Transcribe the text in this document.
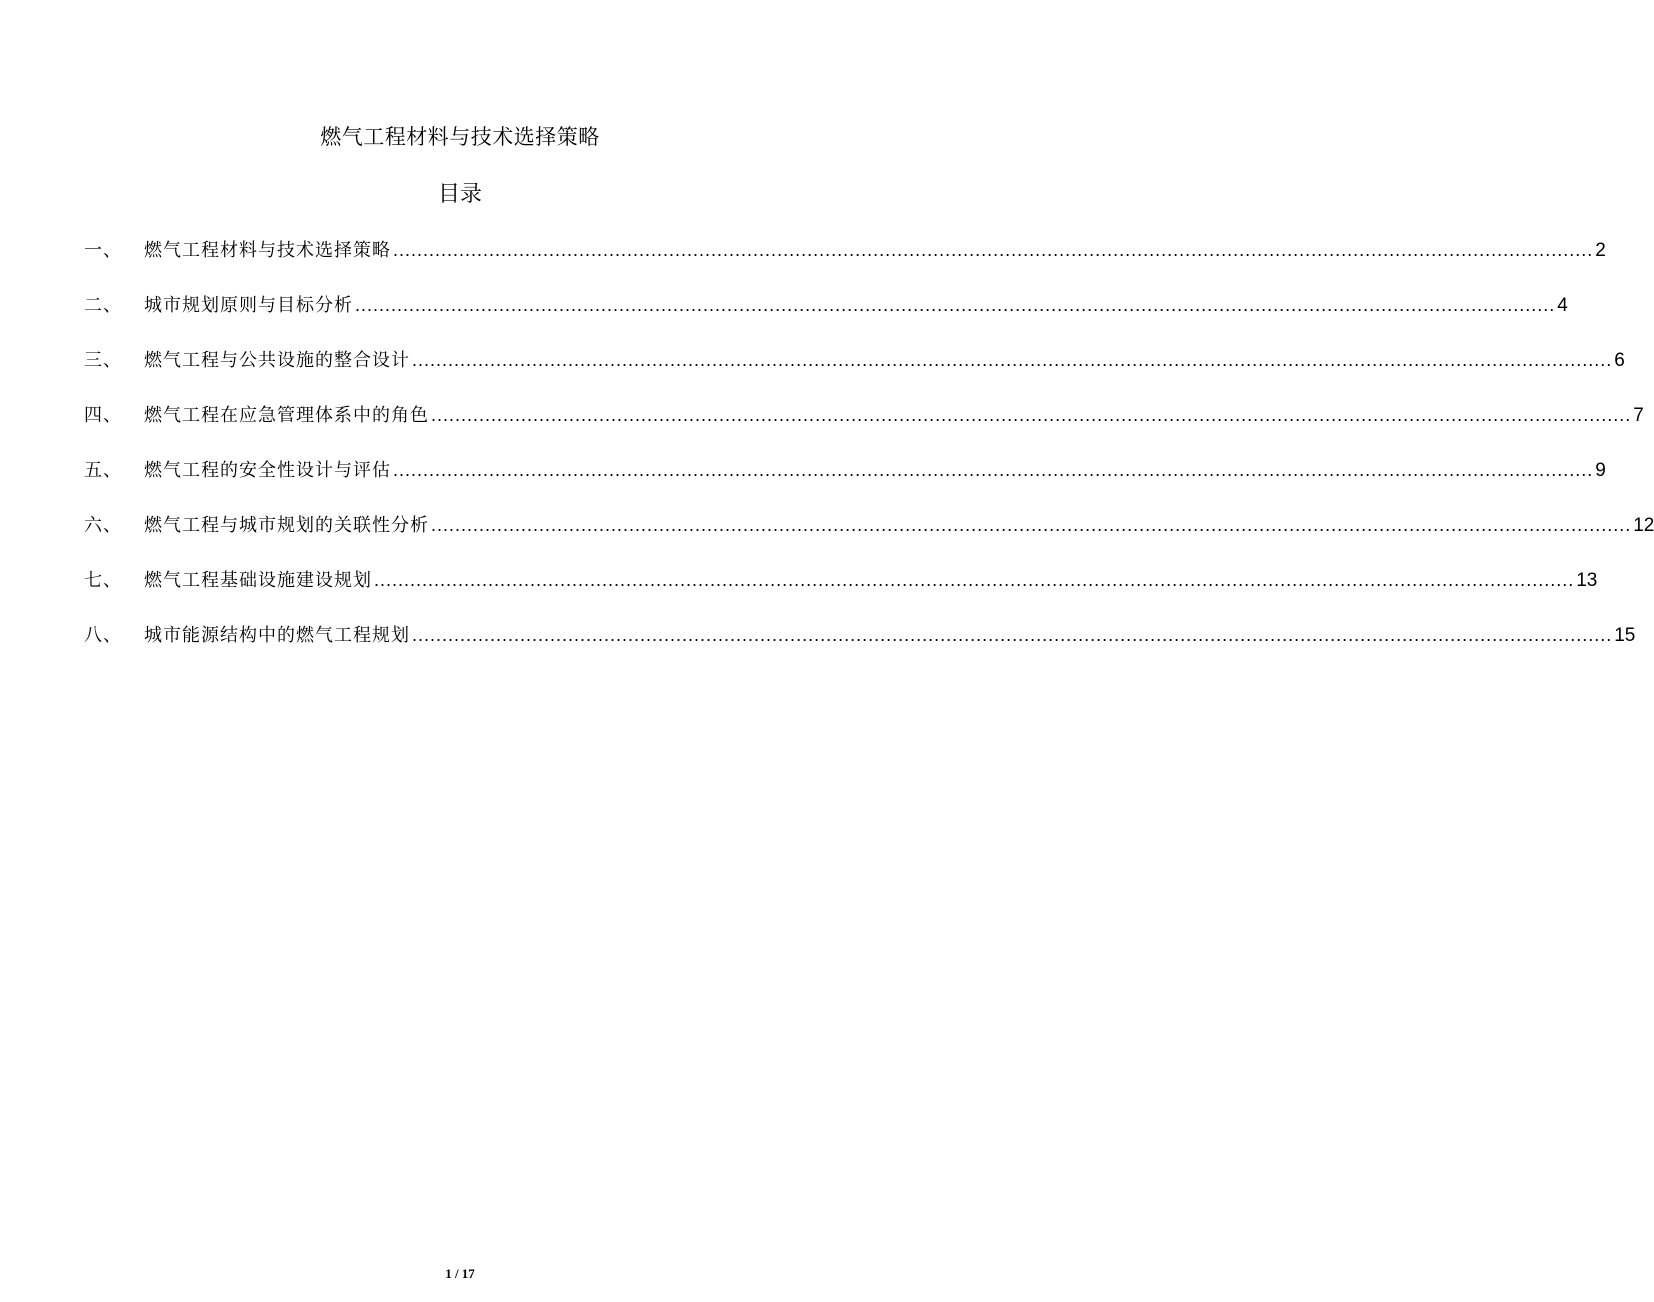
燃气工程材料与技术选择策略
目录
一、	燃气工程材料与技术选择策略 ........................................................................................................................................................................................................ 2
二、	城市规划原则与目标分析 ........................................................................................................................................................................................................ 4
三、	燃气工程与公共设施的整合设计 ........................................................................................................................................................................................................ 6
四、	燃气工程在应急管理体系中的角色 ........................................................................................................................................................................................................ 7
五、	燃气工程的安全性设计与评估 ........................................................................................................................................................................................................ 9
六、	燃气工程与城市规划的关联性分析 ........................................................................................................................................................................................................ 12
七、	燃气工程基础设施建设规划 ........................................................................................................................................................................................................ 13
八、	城市能源结构中的燃气工程规划 ........................................................................................................................................................................................................ 15
1 / 17
